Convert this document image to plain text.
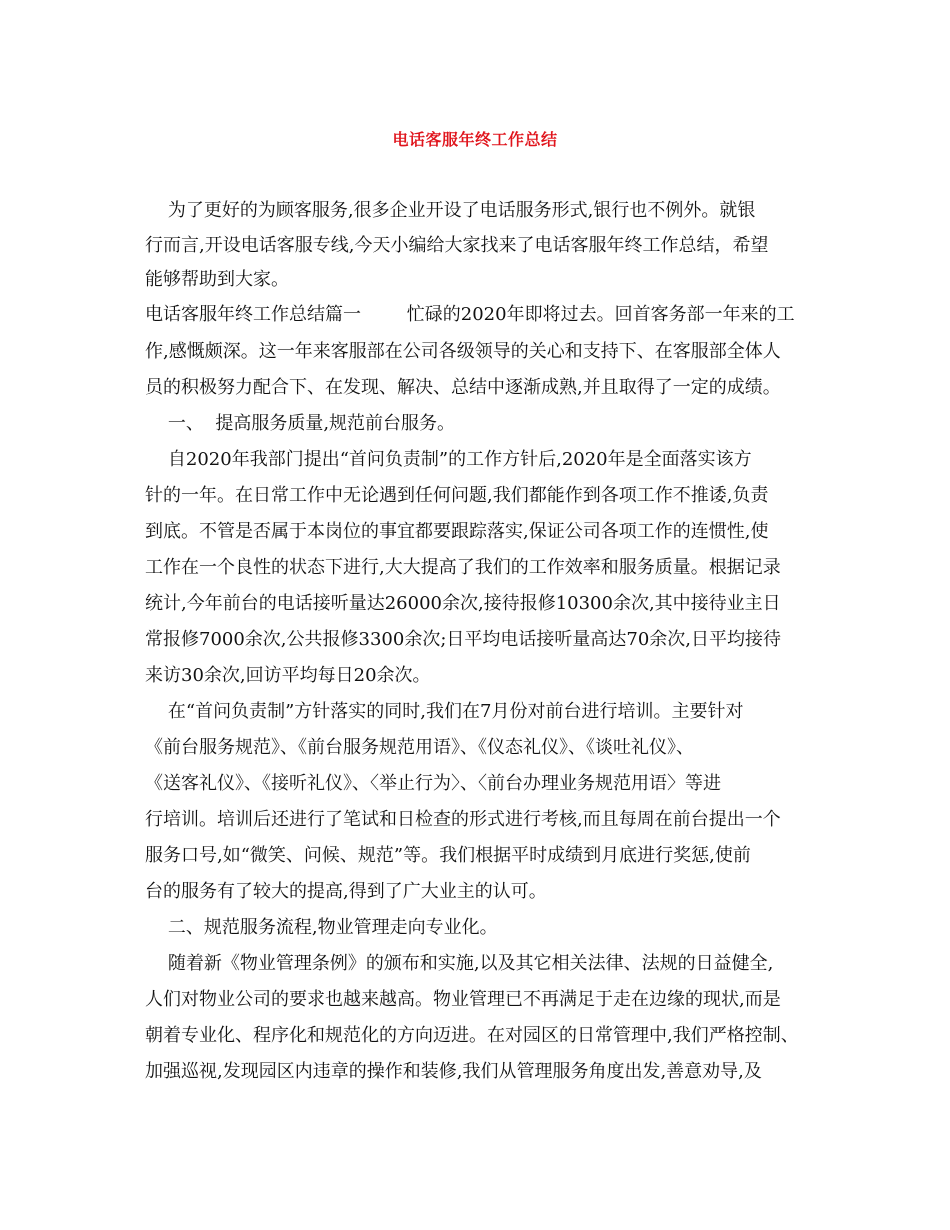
电话客服年终工作总结
为了更好的为顾客服务,很多企业开设了电话服务形式,银行也不例外。就银
行而言,开设电话客服专线,今天小编给大家找来了电话客服年终工作总结，希望
能够帮助到大家。
电话客服年终工作总结篇一        忙碌的2020年即将过去。回首客务部一年来的工
作,感慨颇深。这一年来客服部在公司各级领导的关心和支持下、在客服部全体人
员的积极努力配合下、在发现、解决、总结中逐渐成熟,并且取得了一定的成绩。
一、  提高服务质量,规范前台服务。
自2020年我部门提出“首问负责制”的工作方针后,2020年是全面落实该方
针的一年。在日常工作中无论遇到任何问题,我们都能作到各项工作不推诿,负责
到底。不管是否属于本岗位的事宜都要跟踪落实,保证公司各项工作的连惯性,使
工作在一个良性的状态下进行,大大提高了我们的工作效率和服务质量。根据记录
统计,今年前台的电话接听量达26000余次,接待报修10300余次,其中接待业主日
常报修7000余次,公共报修3300余次;日平均电话接听量高达70余次,日平均接待
来访30余次,回访平均每日20余次。
在“首问负责制”方针落实的同时,我们在7月份对前台进行培训。主要针对
《前台服务规范》、《前台服务规范用语》、《仪态礼仪》、《谈吐礼仪》、
《送客礼仪》、《接听礼仪》、〈举止行为〉、〈前台办理业务规范用语〉等进
行培训。培训后还进行了笔试和日检查的形式进行考核,而且每周在前台提出一个
服务口号,如“微笑、问候、规范”等。我们根据平时成绩到月底进行奖惩,使前
台的服务有了较大的提高,得到了广大业主的认可。
二、规范服务流程,物业管理走向专业化。
随着新《物业管理条例》的颁布和实施,以及其它相关法律、法规的日益健全,
人们对物业公司的要求也越来越高。物业管理已不再满足于走在边缘的现状,而是
朝着专业化、程序化和规范化的方向迈进。在对园区的日常管理中,我们严格控制、
加强巡视,发现园区内违章的操作和装修,我们从管理服务角度出发,善意劝导,及
